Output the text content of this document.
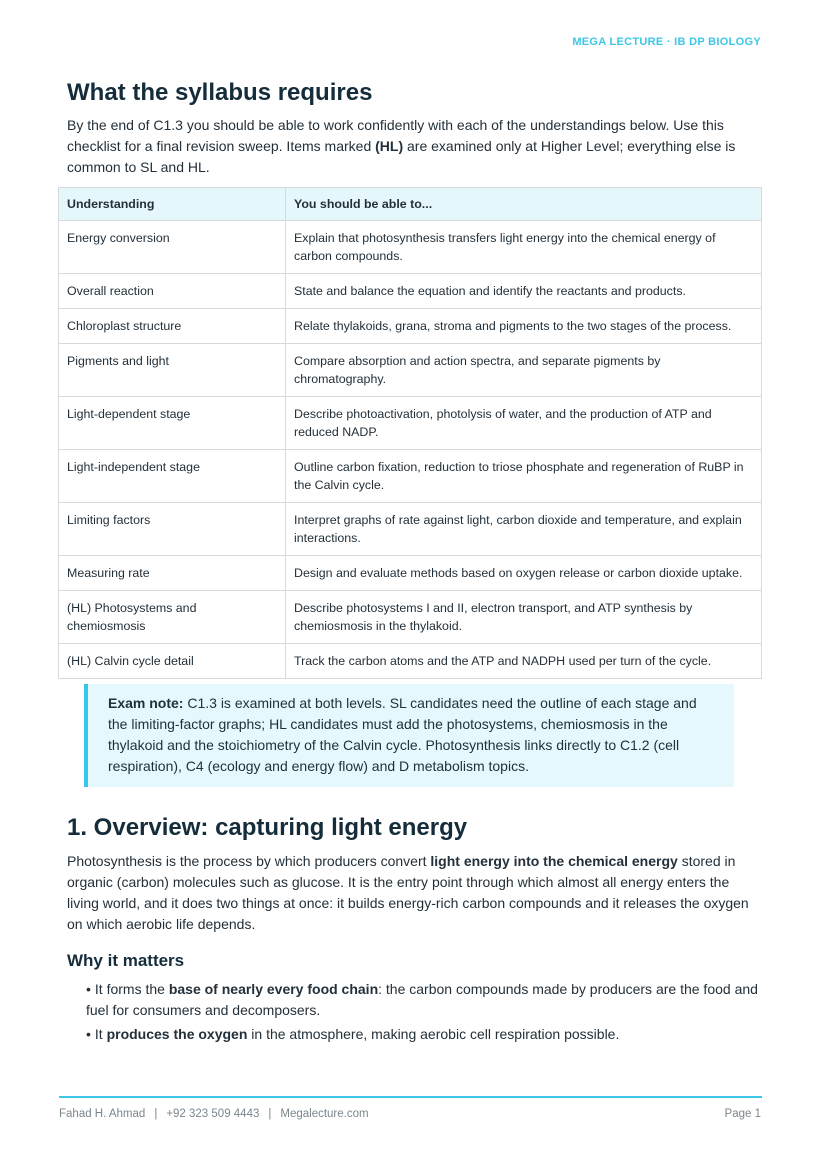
MEGA LECTURE · IB DP BIOLOGY
What the syllabus requires

By the end of C1.3 you should be able to work confidently with each of the understandings below. Use this checklist for a final revision sweep. Items marked (HL) are examined only at Higher Level; everything else is common to SL and HL.

Understanding	You should be able to...
Energy conversion	Explain that photosynthesis transfers light energy into the chemical energy of carbon compounds.
Overall reaction	State and balance the equation and identify the reactants and products.
Chloroplast structure	Relate thylakoids, grana, stroma and pigments to the two stages of the process.
Pigments and light	Compare absorption and action spectra, and separate pigments by chromatography.
Light-dependent stage	Describe photoactivation, photolysis of water, and the production of ATP and reduced NADP.
Light-independent stage	Outline carbon fixation, reduction to triose phosphate and regeneration of RuBP in the Calvin cycle.
Limiting factors	Interpret graphs of rate against light, carbon dioxide and temperature, and explain interactions.
Measuring rate	Design and evaluate methods based on oxygen release or carbon dioxide uptake.
(HL) Photosystems and chemiosmosis	Describe photosystems I and II, electron transport, and ATP synthesis by chemiosmosis in the thylakoid.
(HL) Calvin cycle detail	Track the carbon atoms and the ATP and NADPH used per turn of the cycle.
Exam note: C1.3 is examined at both levels. SL candidates need the outline of each stage and the limiting-factor graphs; HL candidates must add the photosystems, chemiosmosis in the thylakoid and the stoichiometry of the Calvin cycle. Photosynthesis links directly to C1.2 (cell respiration), C4 (ecology and energy flow) and D metabolism topics.
1. Overview: capturing light energy

Photosynthesis is the process by which producers convert light energy into the chemical energy stored in organic (carbon) molecules such as glucose. It is the entry point through which almost all energy enters the living world, and it does two things at once: it builds energy-rich carbon compounds and it releases the oxygen on which aerobic life depends.

Why it matters
• It forms the base of nearly every food chain: the carbon compounds made by producers are the food and fuel for consumers and decomposers.
• It produces the oxygen in the atmosphere, making aerobic cell respiration possible.
Fahad H. Ahmad | +92 323 509 4443 | Megalecture.com	Page 1
